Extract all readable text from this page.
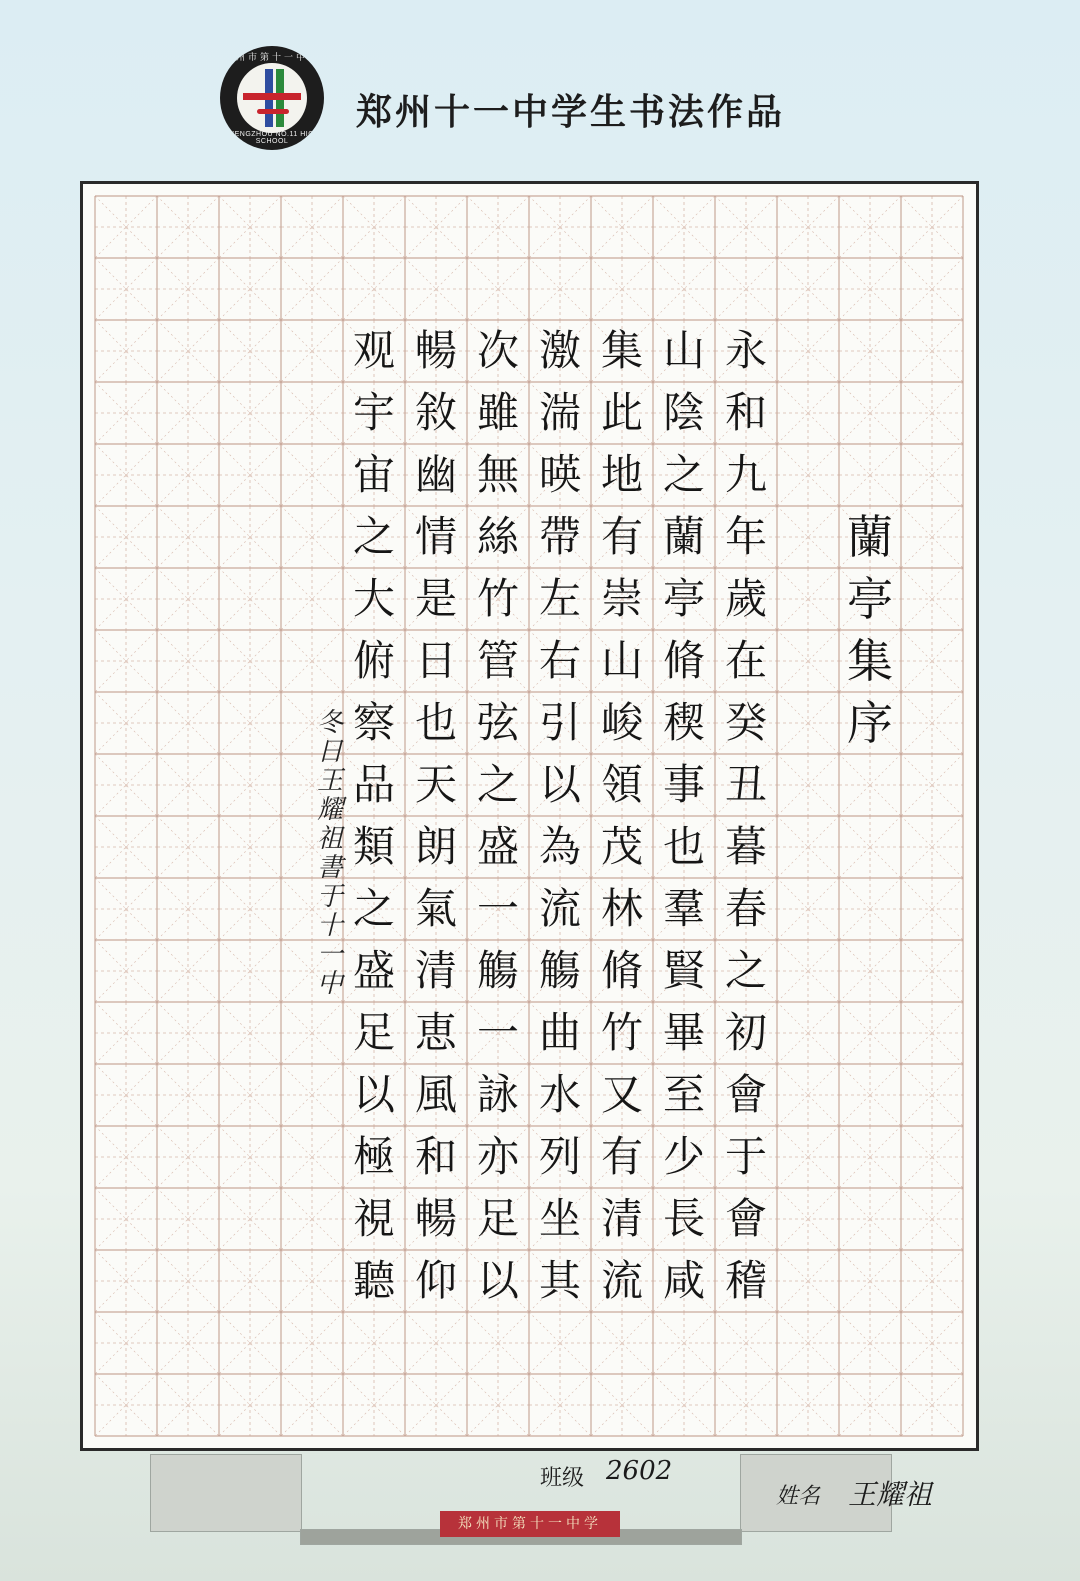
郑州市第十一中学
ZHENGZHOU NO.11 HIGH SCHOOL
郑州十一中学生书法作品
蘭
亭
集
序
永
和
九
年
歲
在
癸
丑
暮
春
之
初
會
于
會
稽
山
陰
之
蘭
亭
脩
稧
事
也
羣
賢
畢
至
少
長
咸
集
此
地
有
崇
山
峻
領
茂
林
脩
竹
又
有
清
流
激
湍
暎
帶
左
右
引
以
為
流
觴
曲
水
列
坐
其
次
雖
無
絲
竹
管
弦
之
盛
一
觴
一
詠
亦
足
以
暢
敘
幽
情
是
日
也
天
朗
氣
清
恵
風
和
暢
仰
观
宇
宙
之
大
俯
察
品
類
之
盛
足
以
極
視
聽
冬
日
王
耀
祖
書
于
十
一
中
郑州市第十一中学
班级 2602
姓名 王耀祖
